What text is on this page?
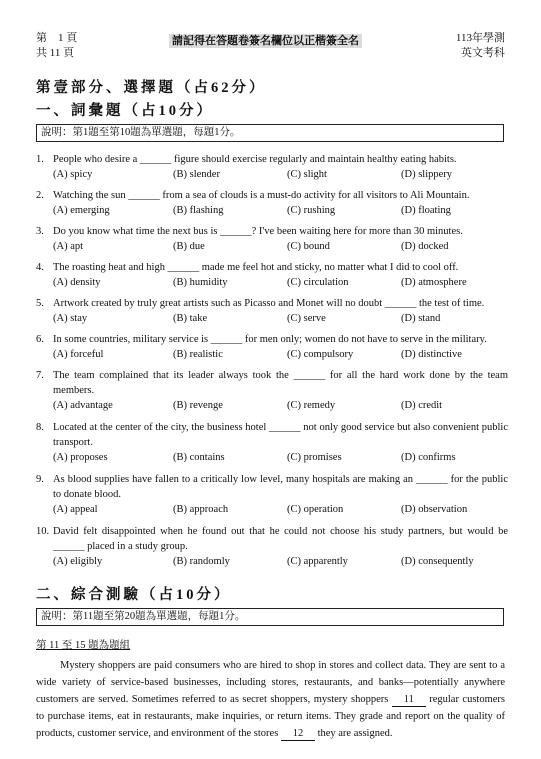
第　1 頁
共 11 頁
請記得在答題卷簽名欄位以正楷簽全名	113年學測
英文考科
第壹部分、選擇題（占62分）
一、詞彙題（占10分）
說明：第1題至第10題為單選題，每題1分。
1. People who desire a ______ figure should exercise regularly and maintain healthy eating habits.
(A) spicy	(B) slender	(C) slight	(D) slippery
2. Watching the sun ______ from a sea of clouds is a must-do activity for all visitors to Ali Mountain.
(A) emerging	(B) flashing	(C) rushing	(D) floating
3. Do you know what time the next bus is ______? I've been waiting here for more than 30 minutes.
(A) apt	(B) due	(C) bound	(D) docked
4. The roasting heat and high ______ made me feel hot and sticky, no matter what I did to cool off.
(A) density	(B) humidity	(C) circulation	(D) atmosphere
5. Artwork created by truly great artists such as Picasso and Monet will no doubt ______ the test of time.
(A) stay	(B) take	(C) serve	(D) stand
6. In some countries, military service is ______ for men only; women do not have to serve in the military.
(A) forceful	(B) realistic	(C) compulsory	(D) distinctive
7. The team complained that its leader always took the ______ for all the hard work done by the team members.
(A) advantage	(B) revenge	(C) remedy	(D) credit
8. Located at the center of the city, the business hotel ______ not only good service but also convenient public transport.
(A) proposes	(B) contains	(C) promises	(D) confirms
9. As blood supplies have fallen to a critically low level, many hospitals are making an ______ for the public to donate blood.
(A) appeal	(B) approach	(C) operation	(D) observation
10. David felt disappointed when he found out that he could not choose his study partners, but would be ______ placed in a study group.
(A) eligibly	(B) randomly	(C) apparently	(D) consequently
二、綜合測驗（占10分）
說明：第11題至第20題為單選題，每題1分。
第 11 至 15 題為題組
Mystery shoppers are paid consumers who are hired to shop in stores and collect data. They are sent to a wide variety of service-based businesses, including stores, restaurants, and banks—potentially anywhere customers are served. Sometimes referred to as secret shoppers, mystery shoppers 11 regular customers to purchase items, eat in restaurants, make inquiries, or return items. They grade and report on the quality of products, customer service, and environment of the stores 12 they are assigned.
